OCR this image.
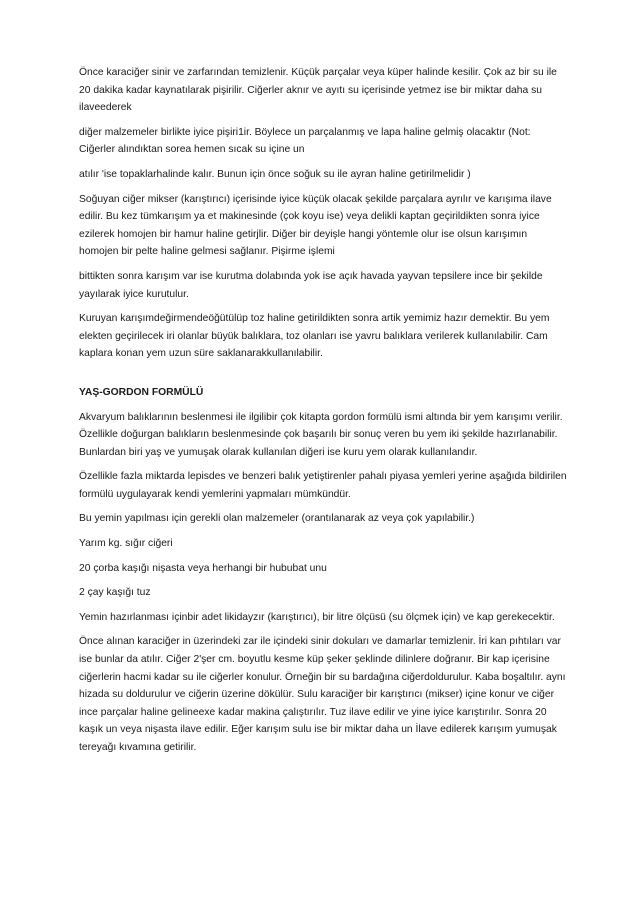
Önce karaciğer sinir ve zarfarından temizlenir. Küçük parçalar veya küper halinde kesilir. Çok az bir su ile 20 dakika kadar kaynatılarak pişirilir. Ciğerler aknır ve ayıtı su içerisinde yetmez ise bir miktar daha su ilaveederek

diğer malzemeler birlikte iyice pişiri1ir. Böylece un parçalanmış ve lapa haline gelmiş olacaktır (Not: Ciğerler alındıktan sorea hemen sıcak su içine un

atılır 'ise topaklarhalinde kalır. Bunun için önce soğuk su ile ayran haline getirilmelidir )

Soğuyan ciğer mikser (karıştırıcı) içerisinde iyice küçük olacak şekilde parçalara ayrılır ve karışıma ilave edilir. Bu kez tümkarışım ya et makinesinde (çok koyu ise) veya delikli kaptan geçirildikten sonra iyice ezilerek homojen bir hamur haline getirjlir. Diğer bir deyişle hangi yöntemle olur ise olsun karışımın homojen bir pelte haline gelmesi sağlanır. Pişirme işlemi

bittikten sonra karışım var ise kurutma dolabında yok ise açık havada yayvan tepsilere ince bir şekilde yayılarak iyice kurutulur.

Kuruyan karışımdeğirmendeöğütülüp toz haline getirildikten sonra artik yemimiz hazır demektir. Bu yem elekten geçirilecek iri olanlar büyük balıklara, toz olanları ise yavru balıklara verilerek kullanılabilir. Cam kaplara konan yem uzun süre saklanarakkullanılabilir.

YAŞ-GORDON FORMÜLÜ

Akvaryum balıklarının beslenmesi ile ilgilibir çok kitapta gordon formülü ismi altında bir yem karışımı verilir. Özellikle doğurgan balıkların beslenmesinde çok başarılı bir sonuç veren bu yem iki şekilde hazırlanabilir. Bunlardan biri yaş ve yumuşak olarak kullanılan diğeri ise kuru yem olarak kullanılandır.

Özellikle fazla miktarda lepisdes ve benzeri balık yetiştirenler pahalı piyasa yemleri yerine aşağıda bildirilen formülü uygulayarak kendi yemlerini yapmaları mümkündür.

Bu yemin yapılması için gerekli olan malzemeler (orantılanarak az veya çok yapılabilir.)

Yarım kg. sığır ciğeri

20 çorba kaşığı nişasta veya herhangi bir hububat unu

2 çay kaşığı tuz

Yemin hazırlanması içinbir adet likidayzır (karıştırıcı), bir litre ölçüsü (su ölçmek için) ve kap gerekecektir.

Önce alınan karaciğer in üzerindeki zar ile içindeki sinir dokuları ve damarlar temizlenir. İri kan pıhtıları var ise bunlar da atılır. Ciğer 2'şer cm. boyutlu kesme küp şeker şeklinde dilinlere doğranır. Bir kap içerisine ciğerlerin hacmi kadar su ile ciğerler konulur. Örneğin bir su bardağına ciğerdoldurulur. Kaba boşaltılır. aynı hizada su doldurulur ve ciğerin üzerine dökülür. Sulu karaciğer bir karıştırıcı (mikser) içine konur ve ciğer ince parçalar haline gelineexe kadar makina çalıştırılır. Tuz ilave edilir ve yine iyice karıştırılır. Sonra 20 kaşık un veya nişasta ilave edilir. Eğer karışım sulu ise bir miktar daha un İlave edilerek karışım yumuşak tereyağı kıvamına getirilir.
